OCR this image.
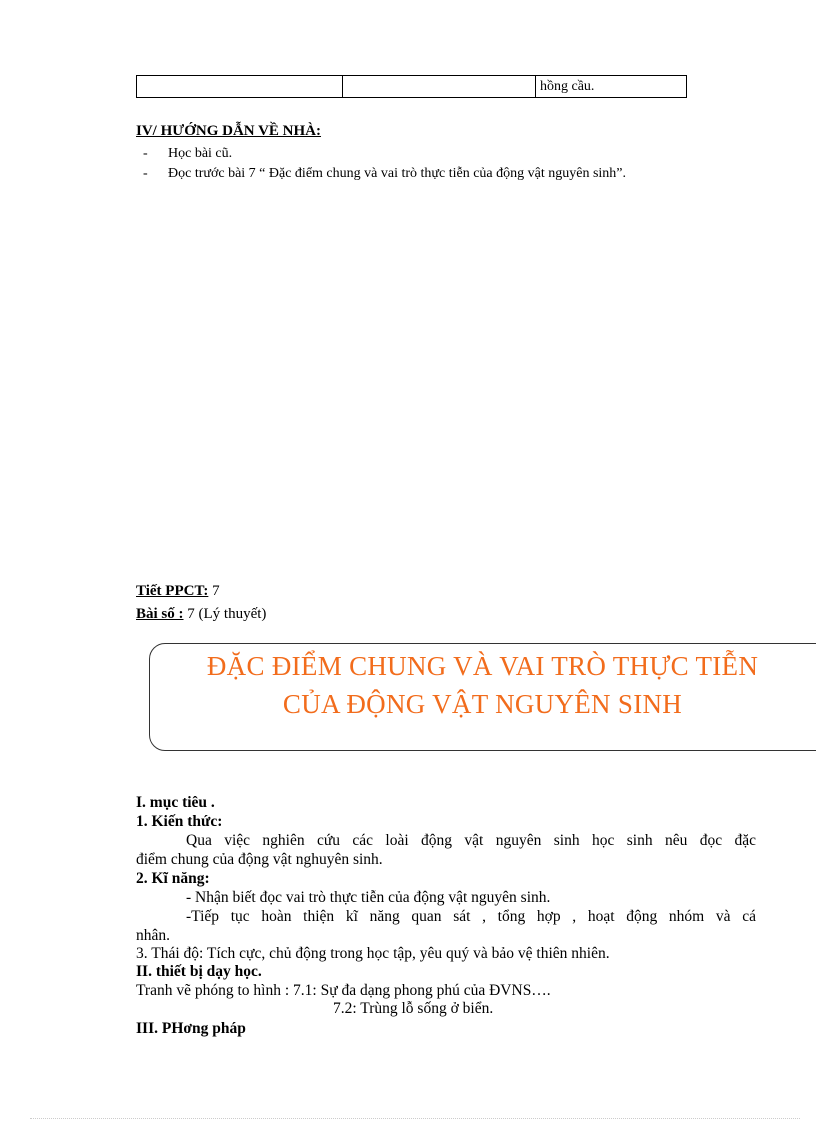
hồng cầu.
IV/ HƯỚNG DẪN VỀ NHÀ:
- Học bài cũ.
- Đọc trước bài 7 “ Đặc điểm chung và vai trò thực tiễn của động vật nguyên sinh”.
Tiết PPCT: 7
Bài số : 7 (Lý thuyết)
ĐẶC ĐIỂM CHUNG VÀ VAI TRÒ THỰC TIỄN
CỦA ĐỘNG VẬT NGUYÊN SINH
I. mục tiêu .
1. Kiến thức:
Qua việc nghiên cứu các loài động vật nguyên sinh học sinh nêu đọc đặc
điểm chung của động vật nghuyên sinh.
2. Kĩ năng:
- Nhận biết đọc vai trò thực tiễn của động vật nguyên sinh.
-Tiếp tục hoàn thiện kĩ năng quan sát , tổng hợp , hoạt động nhóm và cá
nhân.
3. Thái độ: Tích cực, chủ động trong học tập, yêu quý và bảo vệ thiên nhiên.
II. thiết bị dạy học.
Tranh vẽ phóng to hình : 7.1: Sự đa dạng phong phú của ĐVNS….
7.2: Trùng lỗ sống ở biển.
III. PHơng pháp
